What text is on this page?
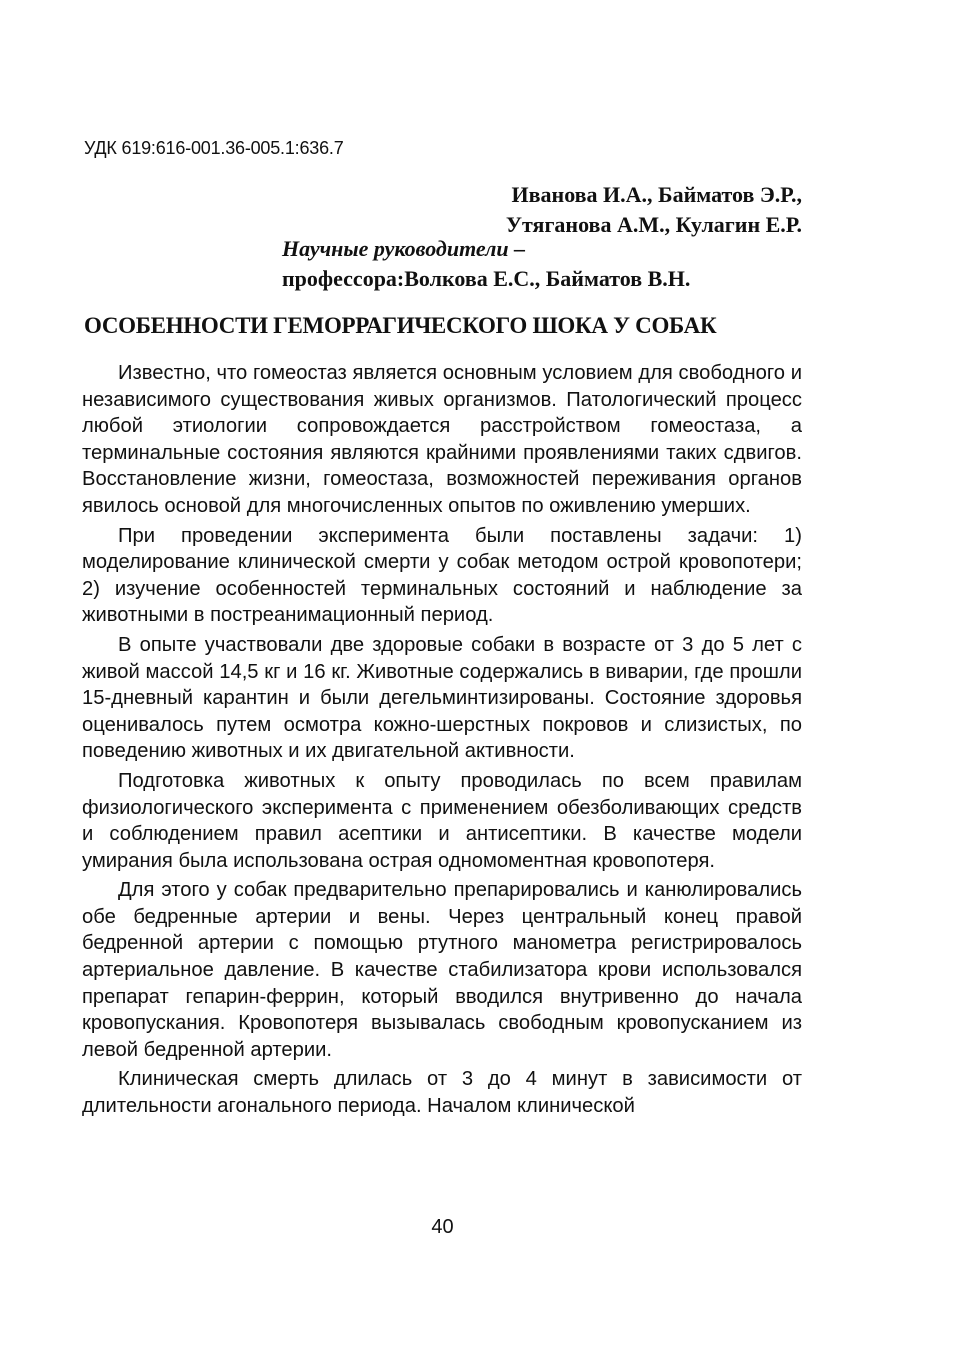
УДК 619:616-001.36-005.1:636.7
Иванова И.А., Байматов Э.Р.,
Утяганова А.М., Кулагин Е.Р.
Научные руководители –
профессора:Волкова Е.С., Байматов В.Н.
ОСОБЕННОСТИ ГЕМОРРАГИЧЕСКОГО ШОКА У СОБАК

Известно, что гомеостаз является основным условием для свободного и независимого существования живых организмов. Патологический процесс любой этиологии сопровождается расстройством гомеостаза, а терминальные состояния являются крайними проявлениями таких сдвигов. Восстановление жизни, гомеостаза, возможностей переживания органов явилось основой для многочисленных опытов по оживлению умерших.

При проведении эксперимента были поставлены задачи: 1) моделирование клинической смерти у собак методом острой кровопотери; 2) изучение особенностей терминальных состояний и наблюдение за животными в постреанимационный период.

В опыте участвовали две здоровые собаки в возрасте от 3 до 5 лет с живой массой 14,5 кг и 16 кг. Животные содержались в виварии, где прошли 15-дневный карантин и были дегельминтизированы. Состояние здоровья оценивалось путем осмотра кожно-шерстных покровов и слизистых, по поведению животных и их двигательной активности.

Подготовка животных к опыту проводилась по всем правилам физиологического эксперимента с применением обезболивающих средств и соблюдением правил асептики и антисептики. В качестве модели умирания была использована острая одномоментная кровопотеря.

Для этого у собак предварительно препарировались и канюлировались обе бедренные артерии и вены. Через центральный конец правой бедренной артерии с помощью ртутного манометра регистрировалось артериальное давление. В качестве стабилизатора крови использовался препарат гепарин-феррин, который вводился внутривенно до начала кровопускания. Кровопотеря вызывалась свободным кровопусканием из левой бедренной артерии.

Клиническая смерть длилась от 3 до 4 минут в зависимости от длительности агонального периода. Началом клинической

40
